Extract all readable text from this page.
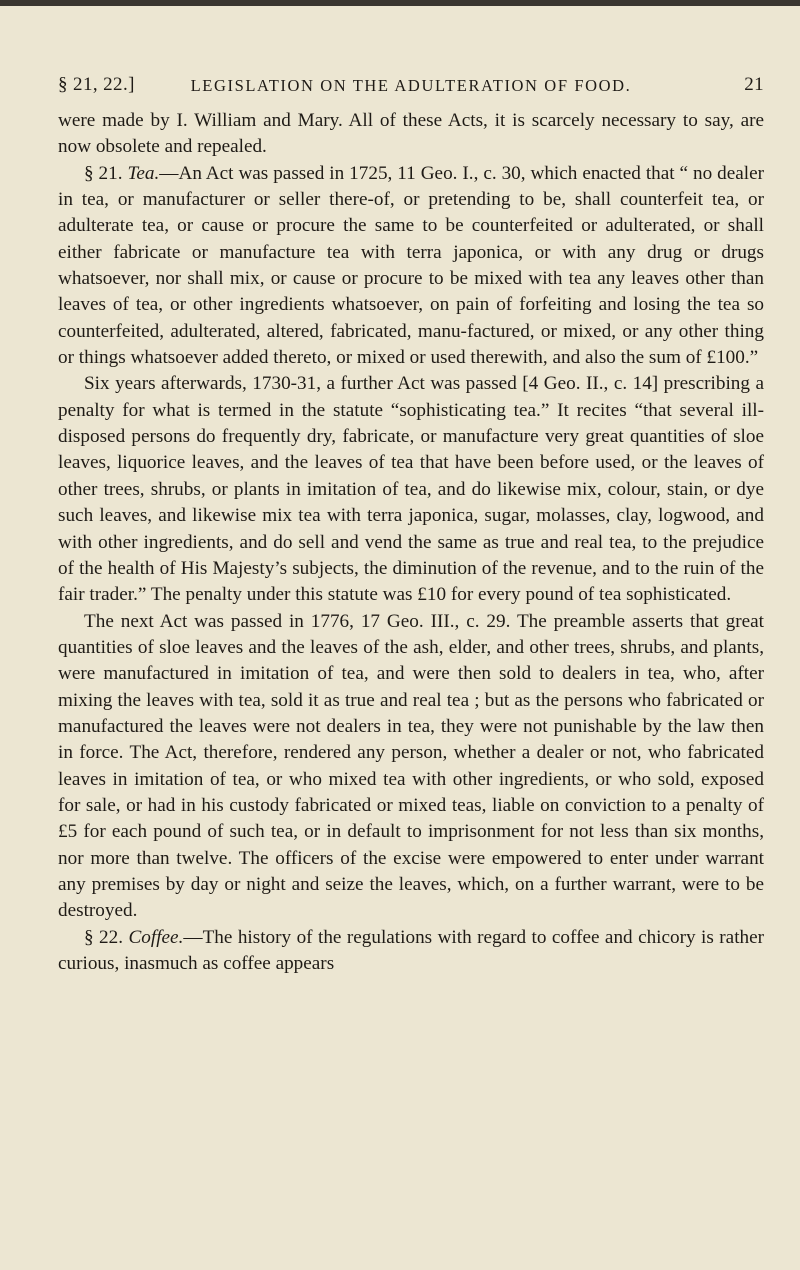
§ 21, 22.]	LEGISLATION ON THE ADULTERATION OF FOOD.	21

were made by I. William and Mary. All of these Acts, it is scarcely necessary to say, are now obsolete and repealed.

§ 21. Tea.—An Act was passed in 1725, 11 Geo. I., c. 30, which enacted that “ no dealer in tea, or manufacturer or seller there-of, or pretending to be, shall counterfeit tea, or adulterate tea, or cause or procure the same to be counterfeited or adulterated, or shall either fabricate or manufacture tea with terra japonica, or with any drug or drugs whatsoever, nor shall mix, or cause or procure to be mixed with tea any leaves other than leaves of tea, or other ingredients whatsoever, on pain of forfeiting and losing the tea so counterfeited, adulterated, altered, fabricated, manu-factured, or mixed, or any other thing or things whatsoever added thereto, or mixed or used therewith, and also the sum of £100.”

Six years afterwards, 1730-31, a further Act was passed [4 Geo. II., c. 14] prescribing a penalty for what is termed in the statute “sophisticating tea.” It recites “that several ill-disposed persons do frequently dry, fabricate, or manufacture very great quantities of sloe leaves, liquorice leaves, and the leaves of tea that have been before used, or the leaves of other trees, shrubs, or plants in imitation of tea, and do likewise mix, colour, stain, or dye such leaves, and likewise mix tea with terra japonica, sugar, molasses, clay, logwood, and with other ingredients, and do sell and vend the same as true and real tea, to the prejudice of the health of His Majesty’s subjects, the diminution of the revenue, and to the ruin of the fair trader.” The penalty under this statute was £10 for every pound of tea sophisticated.

The next Act was passed in 1776, 17 Geo. III., c. 29. The preamble asserts that great quantities of sloe leaves and the leaves of the ash, elder, and other trees, shrubs, and plants, were manufactured in imitation of tea, and were then sold to dealers in tea, who, after mixing the leaves with tea, sold it as true and real tea ; but as the persons who fabricated or manufactured the leaves were not dealers in tea, they were not punishable by the law then in force. The Act, therefore, rendered any person, whether a dealer or not, who fabricated leaves in imitation of tea, or who mixed tea with other ingredients, or who sold, exposed for sale, or had in his custody fabricated or mixed teas, liable on conviction to a penalty of £5 for each pound of such tea, or in default to imprisonment for not less than six months, nor more than twelve. The officers of the excise were empowered to enter under warrant any premises by day or night and seize the leaves, which, on a further warrant, were to be destroyed.

§ 22. Coffee.—The history of the regulations with regard to coffee and chicory is rather curious, inasmuch as coffee appears
